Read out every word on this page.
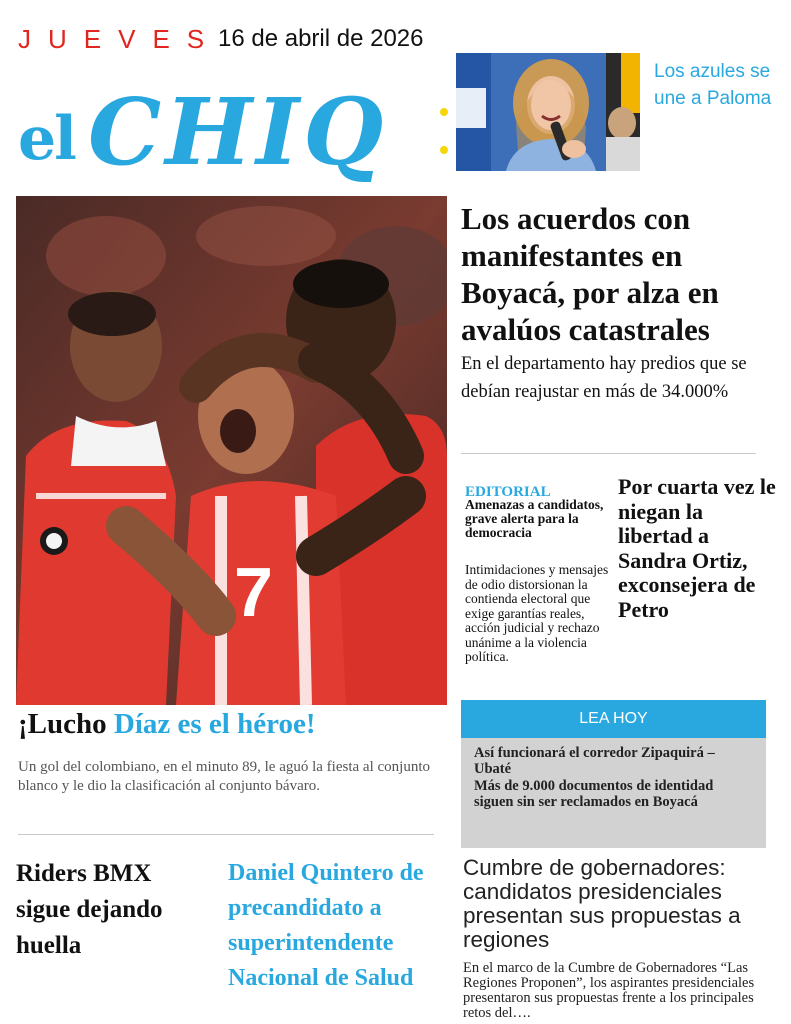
JUEVES
16 de abril de 2026
el CHIQ
Los azules se une a Paloma
7
Los acuerdos con manifestantes en Boyacá, por alza en avalúos catastrales
En el departamento hay predios que se debían reajustar en más de 34.000%
EDITORIAL
Amenazas a candidatos, grave alerta para la democracia
Intimidaciones y mensajes de odio distorsionan la contienda electoral que exige garantías reales, acción judicial y rechazo unánime a la violencia política.
Por cuarta vez le niegan la libertad a Sandra Ortiz, exconsejera de Petro
LEA HOY
Así funcionará el corredor Zipaquirá – Ubaté
Más de 9.000 documentos de identidad siguen sin ser reclamados en Boyacá
¡Lucho Díaz es el héroe!
Un gol del colombiano, en el minuto 89, le aguó la fiesta al conjunto blanco y le dio la clasificación al conjunto bávaro.
Riders BMX sigue dejando huella
Daniel Quintero de precandidato a superintendente Nacional de Salud
Cumbre de gobernadores: candidatos presidenciales presentan sus propuestas a regiones
En el marco de la Cumbre de Gobernadores “Las Regiones Proponen”, los aspirantes presidenciales presentaron sus propuestas frente a los principales retos del….
